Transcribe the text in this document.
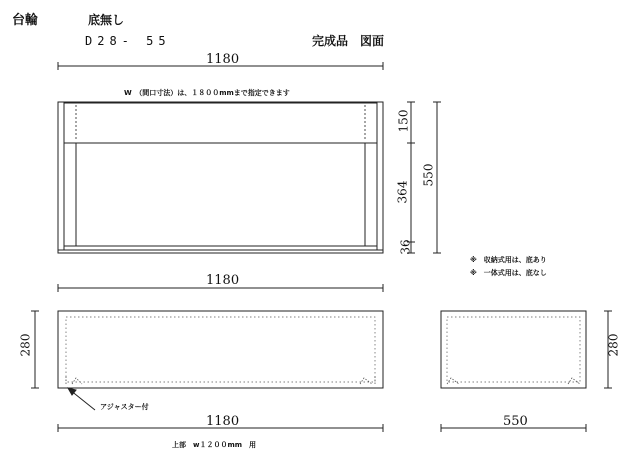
台輪	底無し
D28- 55	完成品　図面
1180
W　（間口寸法）は、１８００mmまで指定できます
150
364
36
550
1180
※　収納式用は、底あり
※　一体式用は、底なし
280
アジャスター付
1180
上部　w１２００mm　用
280
550
